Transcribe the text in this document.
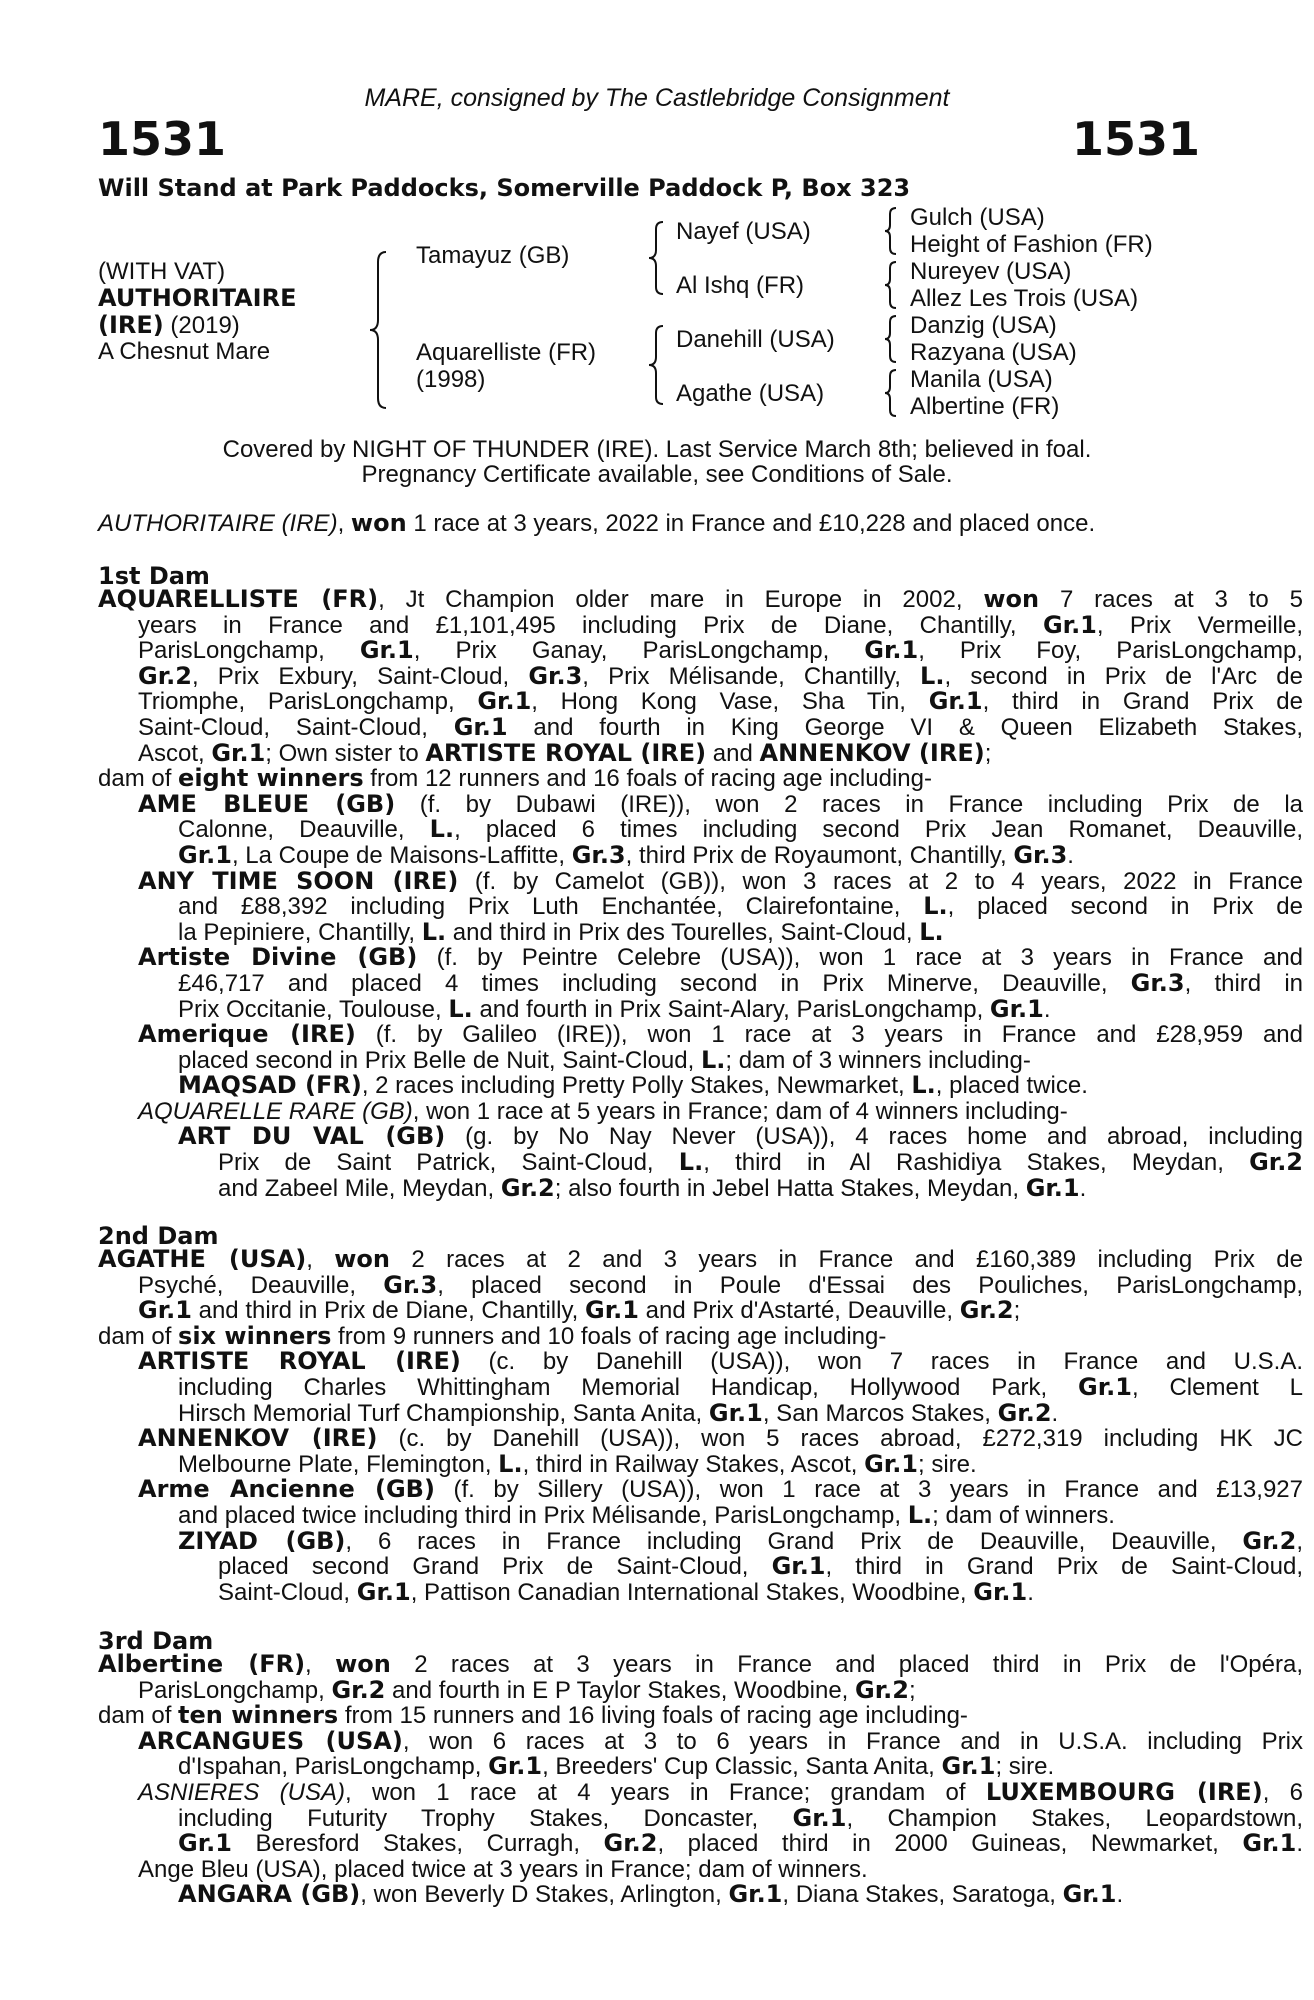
MARE, consigned by The Castlebridge Consignment
1531	1531
Will Stand at Park Paddocks, Somerville Paddock P, Box 323
(WITH VAT)
AUTHORITAIRE
(IRE) (2019)
A Chesnut Mare
Tamayuz (GB)
Aquarelliste (FR)
(1998)
Nayef (USA)
Al Ishq (FR)
Danehill (USA)
Agathe (USA)
Gulch (USA)
Height of Fashion (FR)
Nureyev (USA)
Allez Les Trois (USA)
Danzig (USA)
Razyana (USA)
Manila (USA)
Albertine (FR)
Covered by NIGHT OF THUNDER (IRE). Last Service March 8th; believed in foal.
Pregnancy Certificate available, see Conditions of Sale.
AUTHORITAIRE (IRE), won 1 race at 3 years, 2022 in France and £10,228 and placed once.
1st Dam
AQUARELLISTE (FR), Jt Champion older mare in Europe in 2002, won 7 races at 3 to 5
years in France and £1,101,495 including Prix de Diane, Chantilly, Gr.1, Prix Vermeille,
ParisLongchamp, Gr.1, Prix Ganay, ParisLongchamp, Gr.1, Prix Foy, ParisLongchamp,
Gr.2, Prix Exbury, Saint-Cloud, Gr.3, Prix Mélisande, Chantilly, L., second in Prix de l'Arc de
Triomphe, ParisLongchamp, Gr.1, Hong Kong Vase, Sha Tin, Gr.1, third in Grand Prix de
Saint-Cloud, Saint-Cloud, Gr.1 and fourth in King George VI & Queen Elizabeth Stakes,
Ascot, Gr.1; Own sister to ARTISTE ROYAL (IRE) and ANNENKOV (IRE);
dam of eight winners from 12 runners and 16 foals of racing age including-
AME BLEUE (GB) (f. by Dubawi (IRE)), won 2 races in France including Prix de la
Calonne, Deauville, L., placed 6 times including second Prix Jean Romanet, Deauville,
Gr.1, La Coupe de Maisons-Laffitte, Gr.3, third Prix de Royaumont, Chantilly, Gr.3.
ANY TIME SOON (IRE) (f. by Camelot (GB)), won 3 races at 2 to 4 years, 2022 in France
and £88,392 including Prix Luth Enchantée, Clairefontaine, L., placed second in Prix de
la Pepiniere, Chantilly, L. and third in Prix des Tourelles, Saint-Cloud, L.
Artiste Divine (GB) (f. by Peintre Celebre (USA)), won 1 race at 3 years in France and
£46,717 and placed 4 times including second in Prix Minerve, Deauville, Gr.3, third in
Prix Occitanie, Toulouse, L. and fourth in Prix Saint-Alary, ParisLongchamp, Gr.1.
Amerique (IRE) (f. by Galileo (IRE)), won 1 race at 3 years in France and £28,959 and
placed second in Prix Belle de Nuit, Saint-Cloud, L.; dam of 3 winners including-
MAQSAD (FR), 2 races including Pretty Polly Stakes, Newmarket, L., placed twice.
AQUARELLE RARE (GB), won 1 race at 5 years in France; dam of 4 winners including-
ART DU VAL (GB) (g. by No Nay Never (USA)), 4 races home and abroad, including
Prix de Saint Patrick, Saint-Cloud, L., third in Al Rashidiya Stakes, Meydan, Gr.2
and Zabeel Mile, Meydan, Gr.2; also fourth in Jebel Hatta Stakes, Meydan, Gr.1.
2nd Dam
AGATHE (USA), won 2 races at 2 and 3 years in France and £160,389 including Prix de
Psyché, Deauville, Gr.3, placed second in Poule d'Essai des Pouliches, ParisLongchamp,
Gr.1 and third in Prix de Diane, Chantilly, Gr.1 and Prix d'Astarté, Deauville, Gr.2;
dam of six winners from 9 runners and 10 foals of racing age including-
ARTISTE ROYAL (IRE) (c. by Danehill (USA)), won 7 races in France and U.S.A.
including Charles Whittingham Memorial Handicap, Hollywood Park, Gr.1, Clement L
Hirsch Memorial Turf Championship, Santa Anita, Gr.1, San Marcos Stakes, Gr.2.
ANNENKOV (IRE) (c. by Danehill (USA)), won 5 races abroad, £272,319 including HK JC
Melbourne Plate, Flemington, L., third in Railway Stakes, Ascot, Gr.1; sire.
Arme Ancienne (GB) (f. by Sillery (USA)), won 1 race at 3 years in France and £13,927
and placed twice including third in Prix Mélisande, ParisLongchamp, L.; dam of winners.
ZIYAD (GB), 6 races in France including Grand Prix de Deauville, Deauville, Gr.2,
placed second Grand Prix de Saint-Cloud, Gr.1, third in Grand Prix de Saint-Cloud,
Saint-Cloud, Gr.1, Pattison Canadian International Stakes, Woodbine, Gr.1.
3rd Dam
Albertine (FR), won 2 races at 3 years in France and placed third in Prix de l'Opéra,
ParisLongchamp, Gr.2 and fourth in E P Taylor Stakes, Woodbine, Gr.2;
dam of ten winners from 15 runners and 16 living foals of racing age including-
ARCANGUES (USA), won 6 races at 3 to 6 years in France and in U.S.A. including Prix
d'Ispahan, ParisLongchamp, Gr.1, Breeders' Cup Classic, Santa Anita, Gr.1; sire.
ASNIERES (USA), won 1 race at 4 years in France; grandam of LUXEMBOURG (IRE), 6
including Futurity Trophy Stakes, Doncaster, Gr.1, Champion Stakes, Leopardstown,
Gr.1 Beresford Stakes, Curragh, Gr.2, placed third in 2000 Guineas, Newmarket, Gr.1.
Ange Bleu (USA), placed twice at 3 years in France; dam of winners.
ANGARA (GB), won Beverly D Stakes, Arlington, Gr.1, Diana Stakes, Saratoga, Gr.1.
